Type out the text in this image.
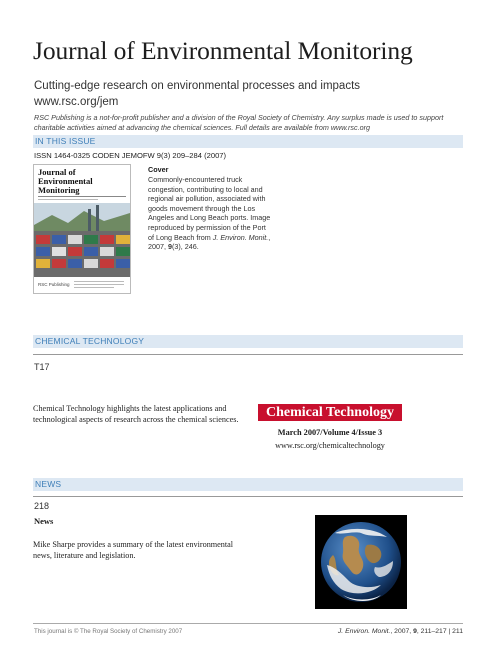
Journal of Environmental Monitoring
Cutting-edge research on environmental processes and impacts
www.rsc.org/jem
RSC Publishing is a not-for-profit publisher and a division of the Royal Society of Chemistry. Any surplus made is used to support charitable activities aimed at advancing the chemical sciences. Full details are available from www.rsc.org
IN THIS ISSUE
ISSN 1464-0325 CODEN JEMOFW 9(3) 209–284 (2007)
Journal of
Environmental
Monitoring
RSC Publishing
Cover
Commonly-encountered truck congestion, contributing to local and regional air pollution, associated with goods movement through the Los Angeles and Long Beach ports. Image reproduced by permission of the Port of Long Beach from J. Environ. Monit., 2007, 9(3), 246.
CHEMICAL TECHNOLOGY
T17
Chemical Technology highlights the latest applications and technological aspects of research across the chemical sciences.	Chemical Technology
March 2007/Volume 4/Issue 3
www.rsc.org/chemicaltechnology
NEWS
218
News
Mike Sharpe provides a summary of the latest environmental news, literature and legislation.
This journal is © The Royal Society of Chemistry 2007	J. Environ. Monit., 2007, 9, 211–217 | 211
